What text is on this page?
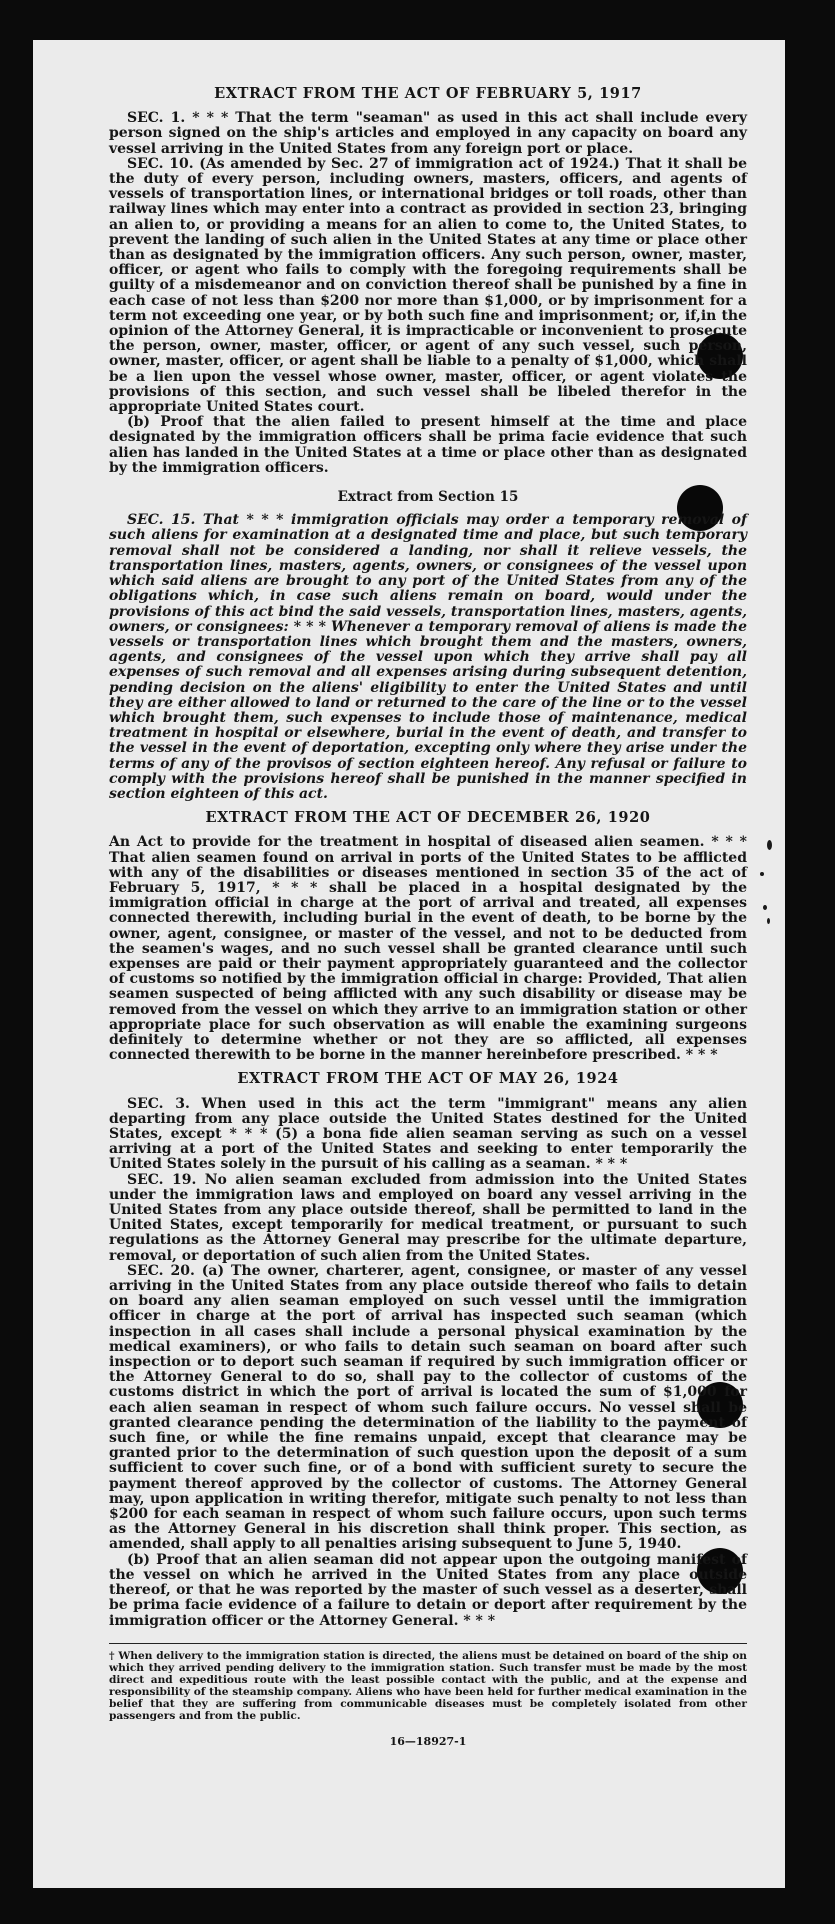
EXTRACT FROM THE ACT OF FEBRUARY 5, 1917

SEC. 1. * * * That the term "seaman" as used in this act shall include every person signed on the ship's articles and employed in any capacity on board any vessel arriving in the United States from any foreign port or place.

SEC. 10. (As amended by Sec. 27 of immigration act of 1924.) That it shall be the duty of every person, including owners, masters, officers, and agents of vessels of transportation lines, or international bridges or toll roads, other than railway lines which may enter into a contract as provided in section 23, bringing an alien to, or providing a means for an alien to come to, the United States, to prevent the landing of such alien in the United States at any time or place other than as designated by the immigration officers. Any such person, owner, master, officer, or agent who fails to comply with the foregoing requirements shall be guilty of a misdemeanor and on conviction thereof shall be punished by a fine in each case of not less than $200 nor more than $1,000, or by imprisonment for a term not exceeding one year, or by both such fine and imprisonment; or, if,in the opinion of the Attorney General, it is impracticable or inconvenient to prosecute the person, owner, master, officer, or agent of any such vessel, such person, owner, master, officer, or agent shall be liable to a penalty of $1,000, which shall be a lien upon the vessel whose owner, master, officer, or agent violates the provisions of this section, and such vessel shall be libeled therefor in the appropriate United States court.

(b) Proof that the alien failed to present himself at the time and place designated by the immigration officers shall be prima facie evidence that such alien has landed in the United States at a time or place other than as designated by the immigration officers.

Extract from Section 15

SEC. 15. That * * * immigration officials may order a temporary removal of such aliens for examination at a designated time and place, but such temporary removal shall not be considered a landing, nor shall it relieve vessels, the transportation lines, masters, agents, owners, or consignees of the vessel upon which said aliens are brought to any port of the United States from any of the obligations which, in case such aliens remain on board, would under the provisions of this act bind the said vessels, transportation lines, masters, agents, owners, or consignees: * * * Whenever a temporary removal of aliens is made the vessels or transportation lines which brought them and the masters, owners, agents, and consignees of the vessel upon which they arrive shall pay all expenses of such removal and all expenses arising during subsequent detention, pending decision on the aliens' eligibility to enter the United States and until they are either allowed to land or returned to the care of the line or to the vessel which brought them, such expenses to include those of maintenance, medical treatment in hospital or elsewhere, burial in the event of death, and transfer to the vessel in the event of deportation, excepting only where they arise under the terms of any of the provisos of section eighteen hereof. Any refusal or failure to comply with the provisions hereof shall be punished in the manner specified in section eighteen of this act.

EXTRACT FROM THE ACT OF DECEMBER 26, 1920

An Act to provide for the treatment in hospital of diseased alien seamen. * * * That alien seamen found on arrival in ports of the United States to be afflicted with any of the disabilities or diseases mentioned in section 35 of the act of February 5, 1917, * * * shall be placed in a hospital designated by the immigration official in charge at the port of arrival and treated, all expenses connected therewith, including burial in the event of death, to be borne by the owner, agent, consignee, or master of the vessel, and not to be deducted from the seamen's wages, and no such vessel shall be granted clearance until such expenses are paid or their payment appropriately guaranteed and the collector of customs so notified by the immigration official in charge: Provided, That alien seamen suspected of being afflicted with any such disability or disease may be removed from the vessel on which they arrive to an immigration station or other appropriate place for such observation as will enable the examining surgeons definitely to determine whether or not they are so afflicted, all expenses connected therewith to be borne in the manner hereinbefore prescribed. * * *

EXTRACT FROM THE ACT OF MAY 26, 1924

SEC. 3. When used in this act the term "immigrant" means any alien departing from any place outside the United States destined for the United States, except * * * (5) a bona fide alien seaman serving as such on a vessel arriving at a port of the United States and seeking to enter temporarily the United States solely in the pursuit of his calling as a seaman. * * *

SEC. 19. No alien seaman excluded from admission into the United States under the immigration laws and employed on board any vessel arriving in the United States from any place outside thereof, shall be permitted to land in the United States, except temporarily for medical treatment, or pursuant to such regulations as the Attorney General may prescribe for the ultimate departure, removal, or deportation of such alien from the United States.

SEC. 20. (a) The owner, charterer, agent, consignee, or master of any vessel arriving in the United States from any place outside thereof who fails to detain on board any alien seaman employed on such vessel until the immigration officer in charge at the port of arrival has inspected such seaman (which inspection in all cases shall include a personal physical examination by the medical examiners), or who fails to detain such seaman on board after such inspection or to deport such seaman if required by such immigration officer or the Attorney General to do so, shall pay to the collector of customs of the customs district in which the port of arrival is located the sum of $1,000 for each alien seaman in respect of whom such failure occurs. No vessel shall be granted clearance pending the determination of the liability to the payment of such fine, or while the fine remains unpaid, except that clearance may be granted prior to the determination of such question upon the deposit of a sum sufficient to cover such fine, or of a bond with sufficient surety to secure the payment thereof approved by the collector of customs. The Attorney General may, upon application in writing therefor, mitigate such penalty to not less than $200 for each seaman in respect of whom such failure occurs, upon such terms as the Attorney General in his discretion shall think proper. This section, as amended, shall apply to all penalties arising subsequent to June 5, 1940.

(b) Proof that an alien seaman did not appear upon the outgoing manifest of the vessel on which he arrived in the United States from any place outside thereof, or that he was reported by the master of such vessel as a deserter, shall be prima facie evidence of a failure to detain or deport after requirement by the immigration officer or the Attorney General. * * *

† When delivery to the immigration station is directed, the aliens must be detained on board of the ship on which they arrived pending delivery to the immigration station. Such transfer must be made by the most direct and expeditious route with the least possible contact with the public, and at the expense and responsibility of the steamship company. Aliens who have been held for further medical examination in the belief that they are suffering from communicable diseases must be completely isolated from other passengers and from the public.
16—18927-1
